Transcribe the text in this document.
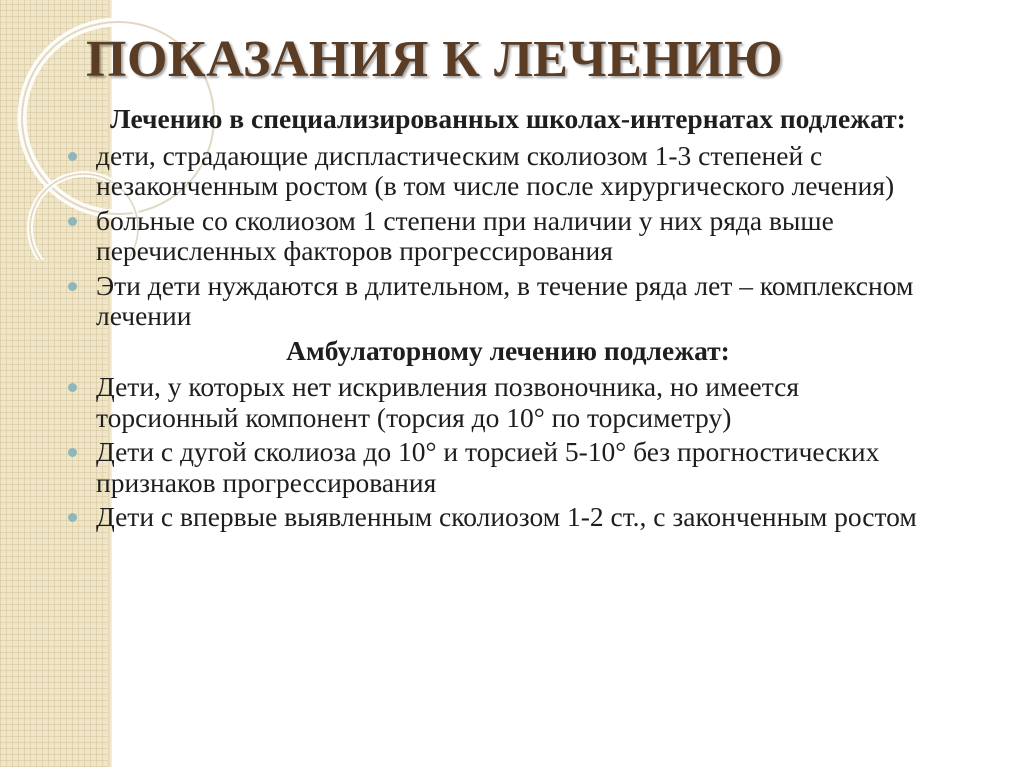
ПОКАЗАНИЯ К ЛЕЧЕНИЮ
Лечению в специализированных школах-интернатах подлежат:
дети, страдающие диспластическим сколиозом 1-3 степеней с незаконченным ростом (в том числе после хирургического лечения)
больные со сколиозом 1 степени при наличии у них ряда выше перечисленных факторов прогрессирования
Эти дети нуждаются в длительном, в течение ряда лет – комплексном лечении
Амбулаторному лечению подлежат:
Дети, у которых нет искривления позвоночника, но имеется торсионный компонент (торсия до 10° по торсиметру)
Дети с дугой сколиоза до 10° и торсией 5-10° без прогностических признаков прогрессирования
Дети с впервые выявленным сколиозом 1-2 ст., с законченным ростом
